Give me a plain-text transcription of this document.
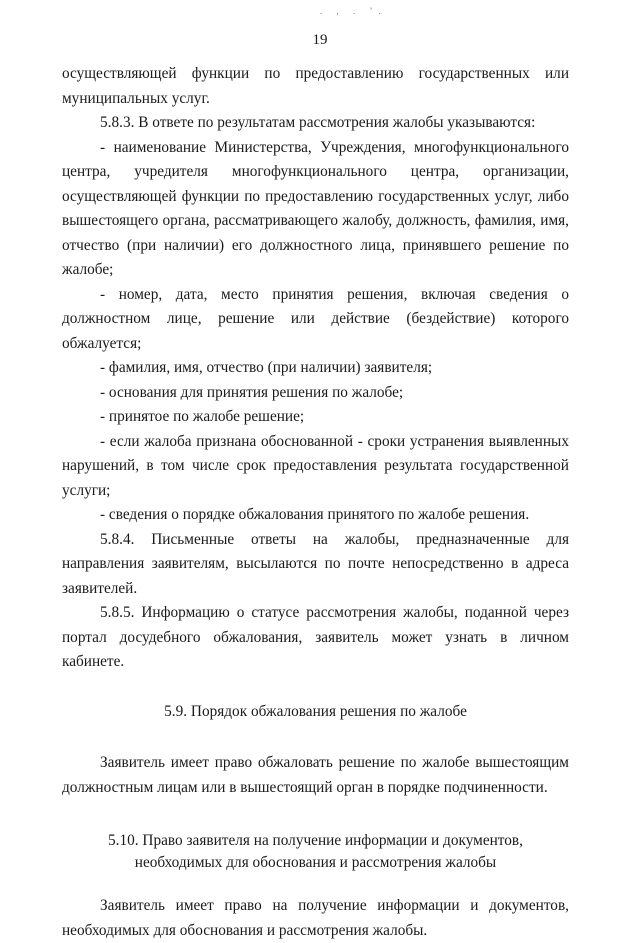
. , . ’.
19

осуществляющей функции по предоставлению государственных или муниципальных услуг.

5.8.3. В ответе по результатам рассмотрения жалобы указываются:

- наименование Министерства, Учреждения, многофункционального центра, учредителя многофункционального центра, организации, осуществляющей функции по предоставлению государственных услуг, либо вышестоящего органа, рассматривающего жалобу, должность, фамилия, имя, отчество (при наличии) его должностного лица, принявшего решение по жалобе;

- номер, дата, место принятия решения, включая сведения о должностном лице, решение или действие (бездействие) которого обжалуется;

- фамилия, имя, отчество (при наличии) заявителя;

- основания для принятия решения по жалобе;

- принятое по жалобе решение;

- если жалоба признана обоснованной - сроки устранения выявленных нарушений, в том числе срок предоставления результата государственной услуги;

- сведения о порядке обжалования принятого по жалобе решения.

5.8.4. Письменные ответы на жалобы, предназначенные для направления заявителям, высылаются по почте непосредственно в адреса заявителей.

5.8.5. Информацию о статусе рассмотрения жалобы, поданной через портал досудебного обжалования, заявитель может узнать в личном кабинете.

5.9. Порядок обжалования решения по жалобе

Заявитель имеет право обжаловать решение по жалобе вышестоящим должностным лицам или в вышестоящий орган в порядке подчиненности.

5.10. Право заявителя на получение информации и документов,
необходимых для обоснования и рассмотрения жалобы

Заявитель имеет право на получение информации и документов, необходимых для обоснования и рассмотрения жалобы.
